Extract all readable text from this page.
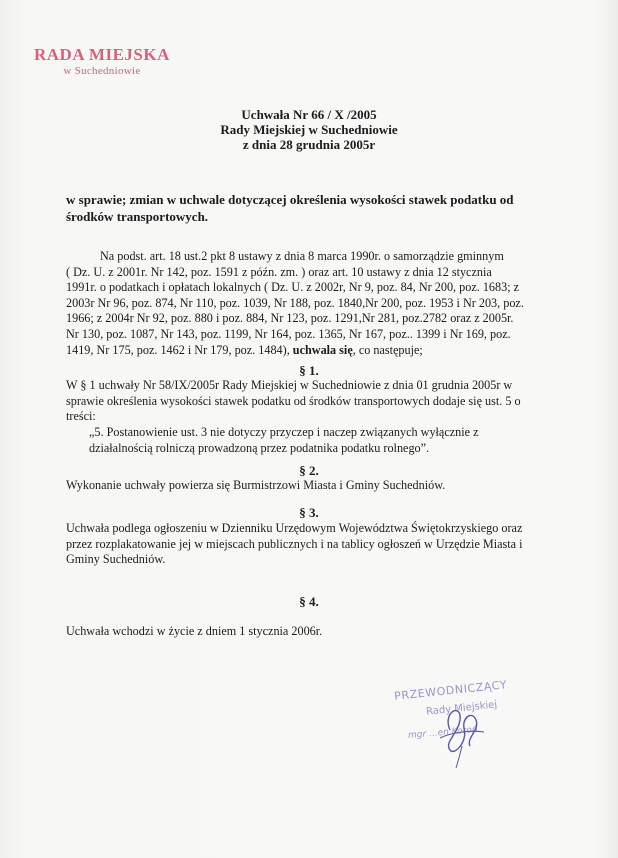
RADA MIEJSKA
w Suchedniowie
Uchwała Nr 66 / X /2005
Rady Miejskiej w Suchedniowie
z dnia 28 grudnia 2005r
w sprawie; zmian w uchwale dotyczącej określenia wysokości stawek podatku od
środków transportowych.
Na podst. art. 18 ust.2 pkt 8 ustawy z dnia 8 marca 1990r. o samorządzie gminnym
( Dz. U. z 2001r. Nr 142, poz. 1591 z późn. zm. ) oraz art. 10 ustawy z dnia 12 stycznia
1991r. o podatkach i opłatach lokalnych ( Dz. U. z 2002r, Nr 9, poz. 84, Nr 200, poz. 1683; z
2003r Nr 96, poz. 874, Nr 110, poz. 1039, Nr 188, poz. 1840,Nr 200, poz. 1953 i Nr 203, poz.
1966; z 2004r Nr 92, poz. 880 i poz. 884, Nr 123, poz. 1291,Nr 281, poz.2782 oraz z 2005r.
Nr 130, poz. 1087, Nr 143, poz. 1199, Nr 164, poz. 1365, Nr 167, poz.. 1399 i Nr 169, poz.
1419, Nr 175, poz. 1462 i Nr 179, poz. 1484), uchwala się, co następuje;
§ 1.
W § 1 uchwały Nr 58/IX/2005r Rady Miejskiej w Suchedniowie z dnia 01 grudnia 2005r w
sprawie określenia wysokości stawek podatku od środków transportowych dodaje się ust. 5 o
treści:
„5. Postanowienie ust. 3 nie dotyczy przyczep i naczep związanych wyłącznie z
działalnością rolniczą prowadzoną przez podatnika podatku rolnego”.
§ 2.
Wykonanie uchwały powierza się Burmistrzowi Miasta i Gminy Suchedniów.
§ 3.
Uchwała podlega ogłoszeniu w Dzienniku Urzędowym Województwa Świętokrzyskiego oraz
przez rozplakatowanie jej w miejscach publicznych i na tablicy ogłoszeń w Urzędzie Miasta i
Gminy Suchedniów.
§ 4.
Uchwała wchodzi w życie z dniem 1 stycznia 2006r.
PRZEWODNICZĄCY
Rady Miejskiej
mgr ...en Koroń
